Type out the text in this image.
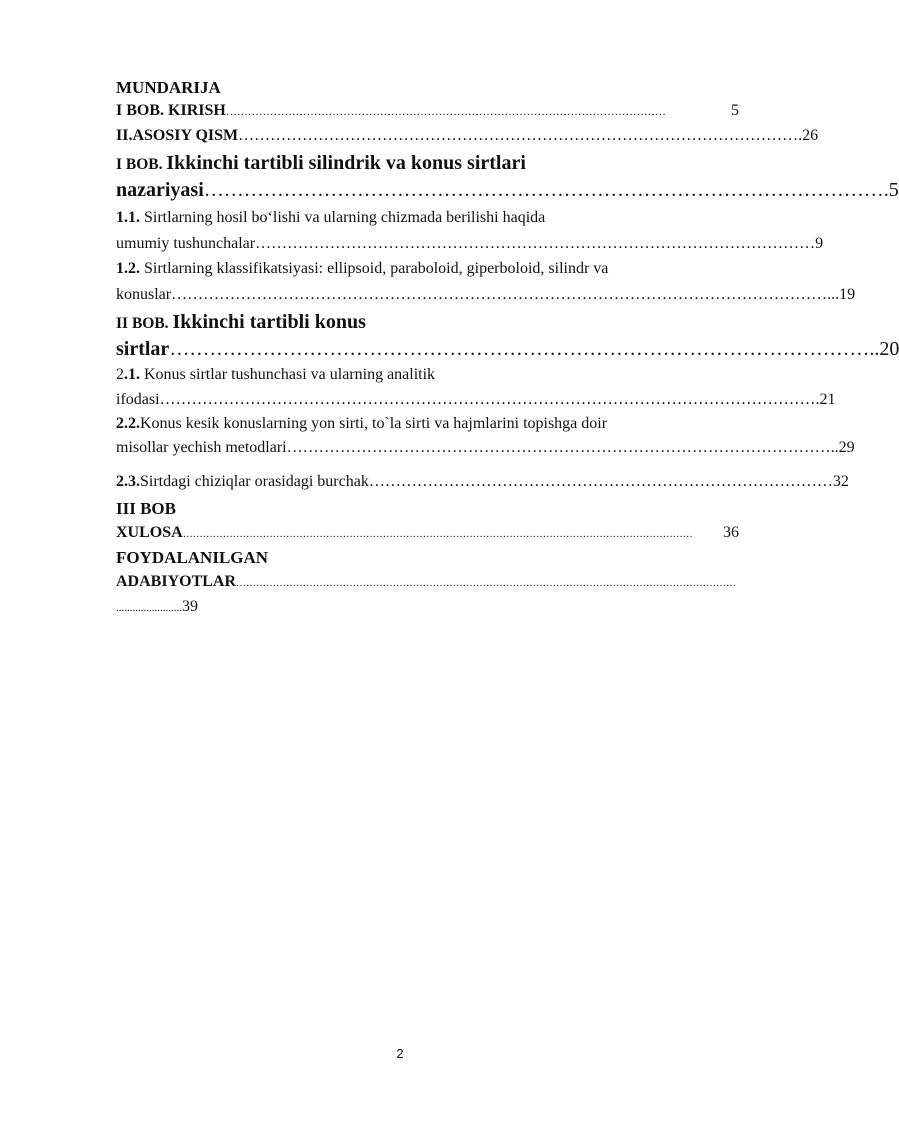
MUNDARIJA
I BOB. KIRISH …………………………………………………………………………………………………………	5
II.ASOSIY QISM …………………………………………………………………………………………… .26
I BOB. Ikkinchi tartibli silindrik va konus sirtlari
nazariyasi ………………………………………………………………………………………… .5
1.1. Sirtlarning hosil bo‘lishi va ularning chizmada berilishi haqida
umumiy tushunchalar …………………………………………………………………………………………… 9
1.2. Sirtlarning klassifikatsiyasi: ellipsoid, paraboloid, giperboloid, silindr va
konuslar …………………………………………………………………………………………………………… ...19
II BOB. Ikkinchi tartibli konus
sirtlar …………………………………………………………………………………………… ..20
2.1. Konus sirtlar tushunchasi va ularning analitik
ifodasi …………………………………………………………………………………………………………… .21
2.2.Konus kesik konuslarning yon sirti, to`la sirti va hajmlarini topishga doir
misollar yechish metodlari ………………………………………………………………………………………… ..29
2.3. Sirtdagi chiziqlar orasidagi burchak …………………………………………………………………………… 32
III BOB
XULOSA ………………………………………………………………………………………………………………………………………	36
FOYDALANILGAN
ADABIYOTLAR ……………………………………………………………………………………………………………………………………
........................39
2
